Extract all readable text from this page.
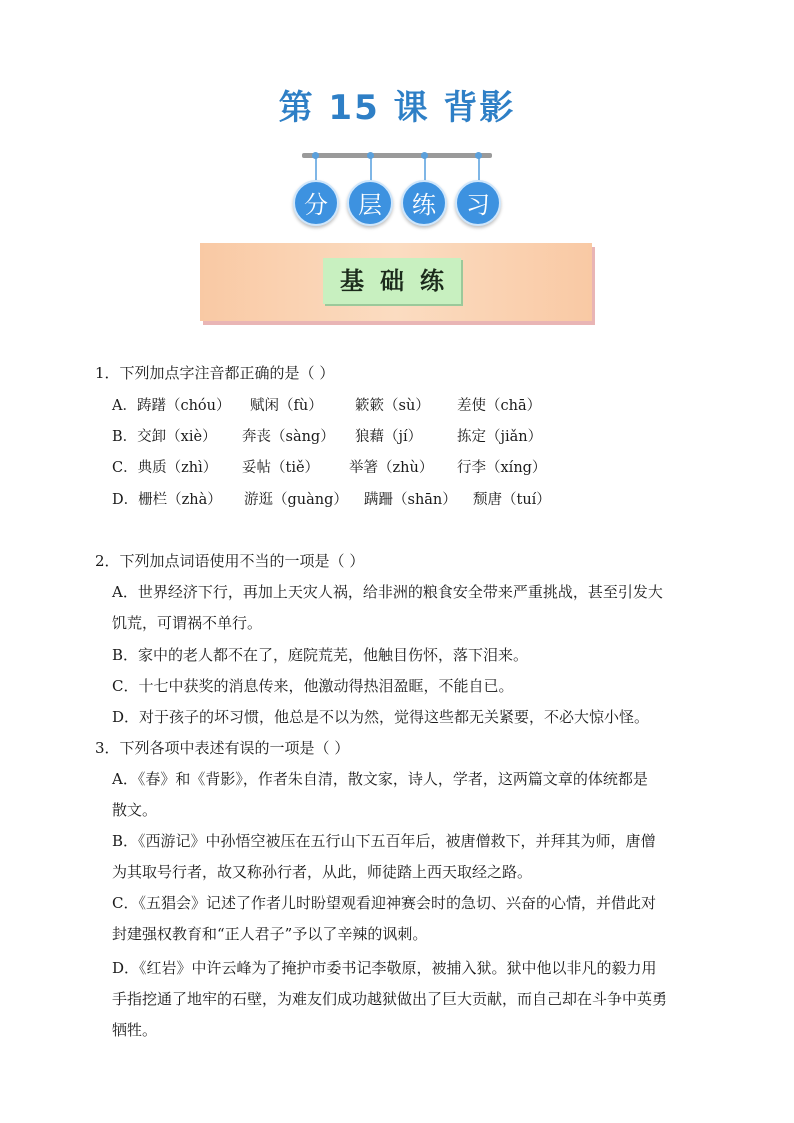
第 15 课 背影
分	层	练	习
基础练
1．下列加点字注音都正确的是（ ）
A．踌躇（chóu） 赋闲（fù） 簌簌（sù） 差使（chā）
B．交卸（xiè） 奔丧（sàng） 狼藉（jí） 拣定（jiǎn）
C．典质（zhì） 妥帖（tiě） 举箸（zhù） 行李（xíng）
D．栅栏（zhà） 游逛（guàng） 蹒跚（shān） 颓唐（tuí）
2．下列加点词语使用不当的一项是（ ）
A．世界经济下行，再加上天灾人祸，给非洲的粮食安全带来严重挑战，甚至引发大
饥荒，可谓祸不单行。
B．家中的老人都不在了，庭院荒芜，他触目伤怀，落下泪来。
C．十七中获奖的消息传来，他激动得热泪盈眶，不能自已。
D．对于孩子的坏习惯，他总是不以为然，觉得这些都无关紧要，不必大惊小怪。
3．下列各项中表述有误的一项是（ ）
A．《春》和《背影》，作者朱自清，散文家，诗人，学者，这两篇文章的体统都是
散文。
B．《西游记》中孙悟空被压在五行山下五百年后，被唐僧救下，并拜其为师，唐僧
为其取号行者，故又称孙行者，从此，师徒踏上西天取经之路。
C．《五猖会》记述了作者儿时盼望观看迎神赛会时的急切、兴奋的心情，并借此对
封建强权教育和“正人君子”予以了辛辣的讽刺。
D．《红岩》中许云峰为了掩护市委书记李敬原，被捕入狱。狱中他以非凡的毅力用
手指挖通了地牢的石壁，为难友们成功越狱做出了巨大贡献，而自己却在斗争中英勇
牺牲。
